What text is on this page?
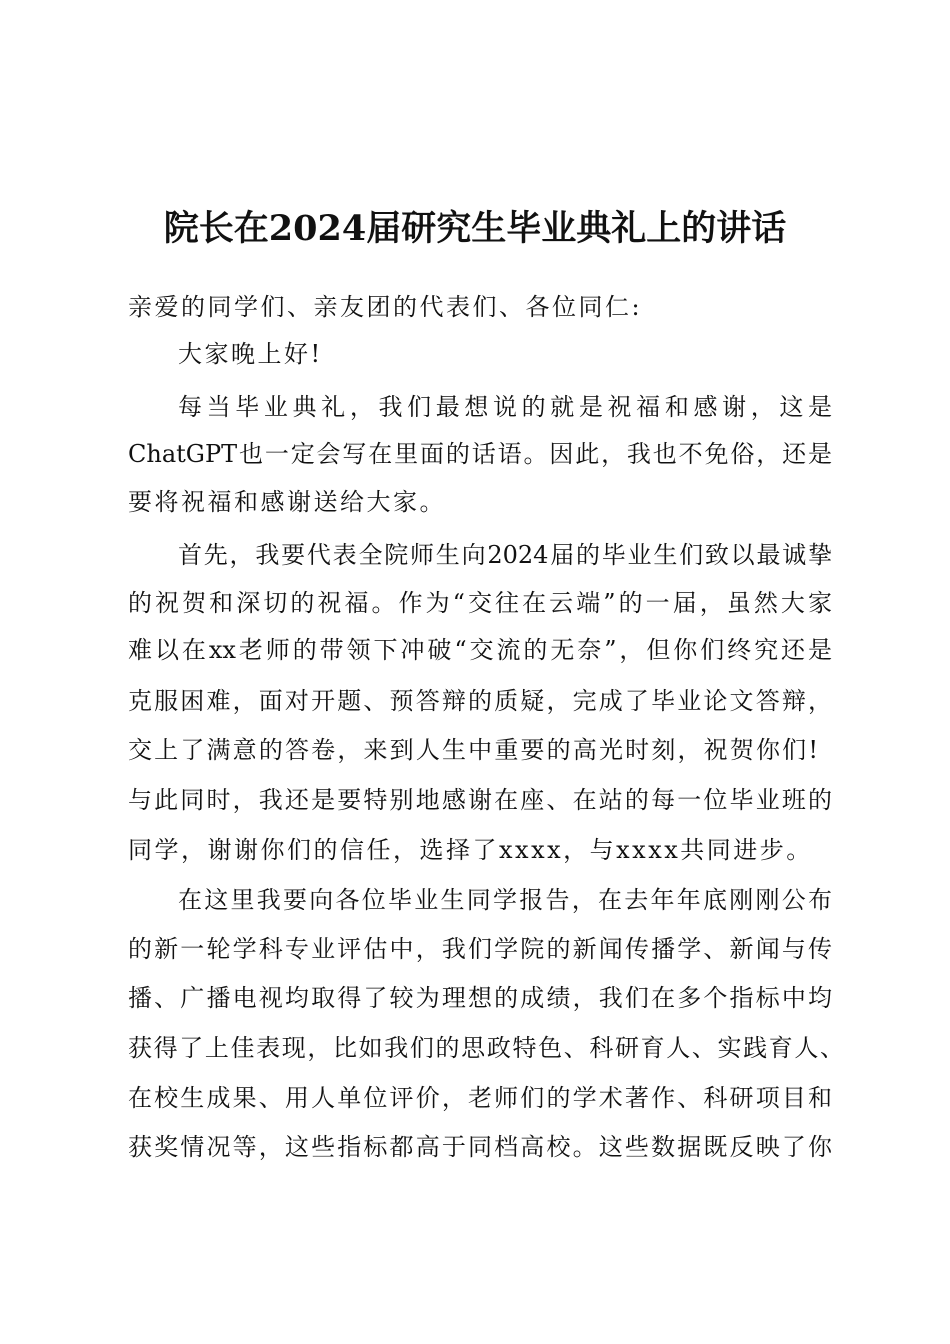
院长在2024届研究生毕业典礼上的讲话
亲爱的同学们、亲友团的代表们、各位同仁:
大家晚上好!
每当毕业典礼，我们最想说的就是祝福和感谢，这是
ChatGPT也一定会写在里面的话语。因此，我也不免俗，还是
要将祝福和感谢送给大家。
首先，我要代表全院师生向2024届的毕业生们致以最诚挚
的祝贺和深切的祝福。作为“交往在云端”的一届，虽然大家
难以在xx老师的带领下冲破“交流的无奈”，但你们终究还是
克服困难，面对开题、预答辩的质疑，完成了毕业论文答辩，
交上了满意的答卷，来到人生中重要的高光时刻，祝贺你们!
与此同时，我还是要特别地感谢在座、在站的每一位毕业班的
同学，谢谢你们的信任，选择了xxxx，与xxxx共同进步。
在这里我要向各位毕业生同学报告，在去年年底刚刚公布
的新一轮学科专业评估中，我们学院的新闻传播学、新闻与传
播、广播电视均取得了较为理想的成绩，我们在多个指标中均
获得了上佳表现，比如我们的思政特色、科研育人、实践育人、
在校生成果、用人单位评价，老师们的学术著作、科研项目和
获奖情况等，这些指标都高于同档高校。这些数据既反映了你
